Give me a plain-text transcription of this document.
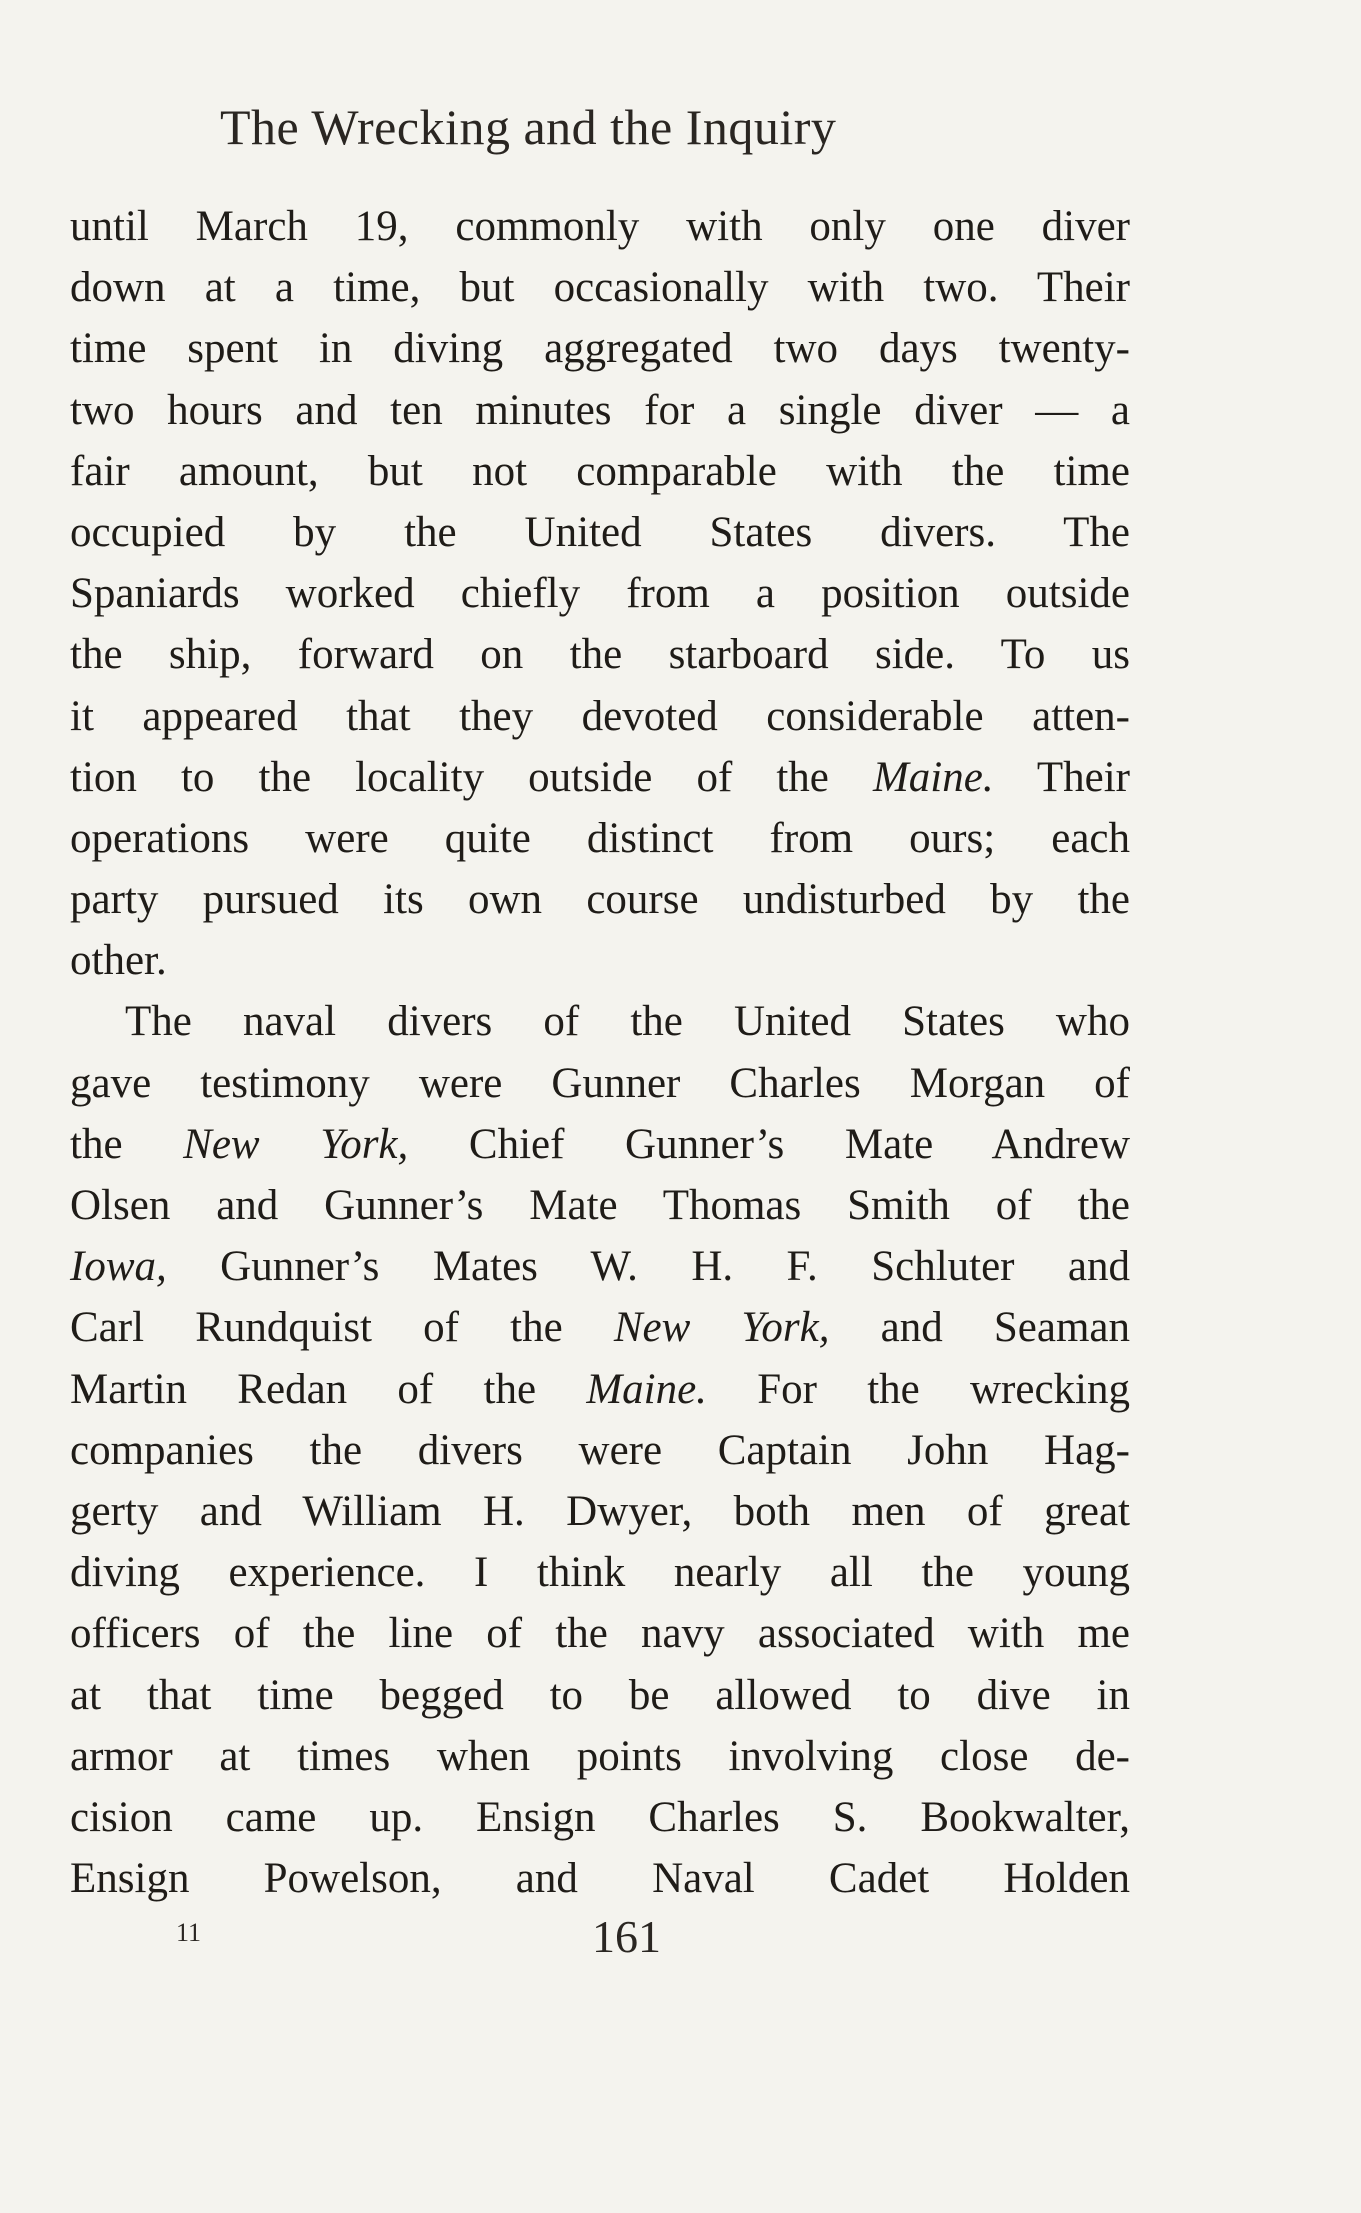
The Wrecking and the Inquiry
until March 19, commonly with only one diver
down at a time, but occasionally with two. Their
time spent in diving aggregated two days twenty-
two hours and ten minutes for a single diver — a
fair amount, but not comparable with the time
occupied by the United States divers. The
Spaniards worked chiefly from a position outside
the ship, forward on the starboard side. To us
it appeared that they devoted considerable atten-
tion to the locality outside of the Maine. Their
operations were quite distinct from ours; each
party pursued its own course undisturbed by the
other.
The naval divers of the United States who
gave testimony were Gunner Charles Morgan of
the New York, Chief Gunner’s Mate Andrew
Olsen and Gunner’s Mate Thomas Smith of the
Iowa, Gunner’s Mates W. H. F. Schluter and
Carl Rundquist of the New York, and Seaman
Martin Redan of the Maine. For the wrecking
companies the divers were Captain John Hag-
gerty and William H. Dwyer, both men of great
diving experience. I think nearly all the young
officers of the line of the navy associated with me
at that time begged to be allowed to dive in
armor at times when points involving close de-
cision came up. Ensign Charles S. Bookwalter,
Ensign Powelson, and Naval Cadet Holden
11	161
